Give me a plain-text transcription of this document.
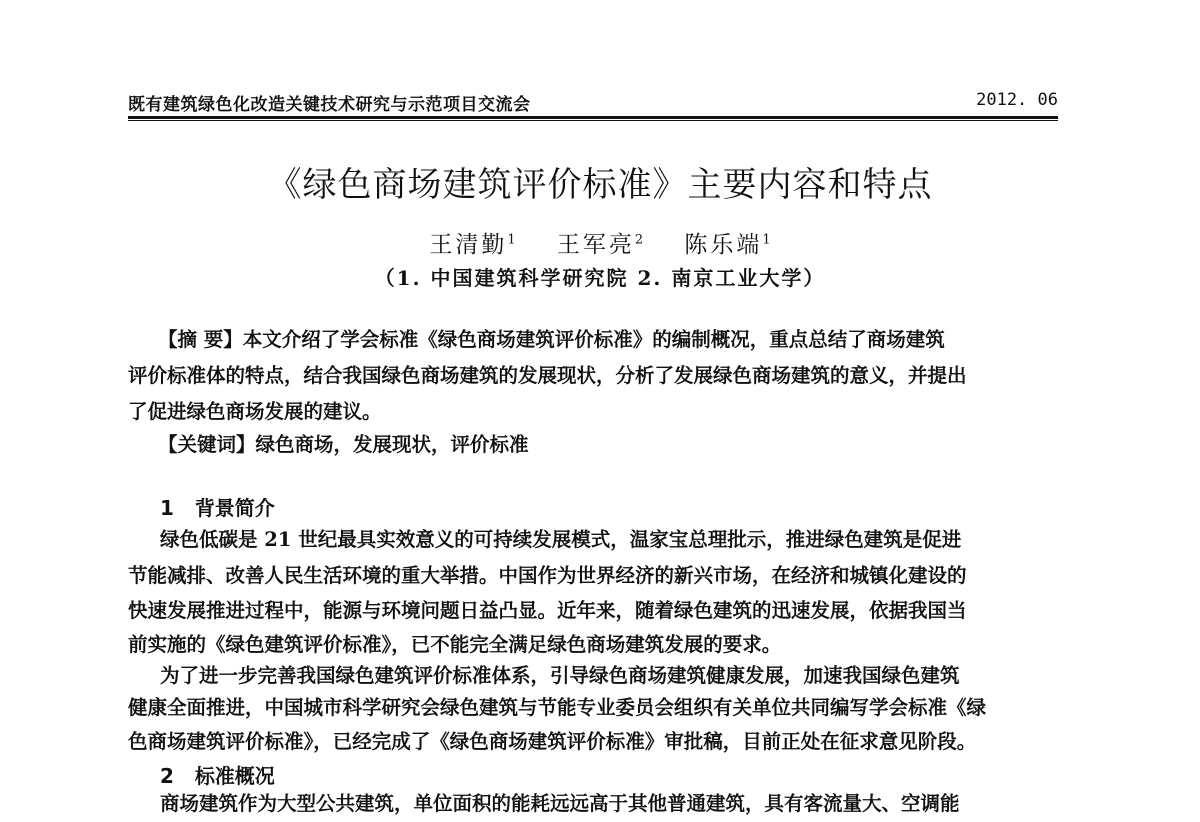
既有建筑绿色化改造关键技术研究与示范项目交流会	2012. 06
《绿色商场建筑评价标准》主要内容和特点
王清勤$^1$ 王军亮$^2$ 陈乐端$^1$
（1. 中国建筑科学研究院 2. 南京工业大学）
【摘 要】本文介绍了学会标准《绿色商场建筑评价标准》的编制概况，重点总结了商场建筑
评价标准体的特点，结合我国绿色商场建筑的发展现状，分析了发展绿色商场建筑的意义，并提出
了促进绿色商场发展的建议。
【关键词】绿色商场，发展现状，评价标准
1 背景简介
绿色低碳是 21 世纪最具实效意义的可持续发展模式，温家宝总理批示，推进绿色建筑是促进
节能减排、改善人民生活环境的重大举措。中国作为世界经济的新兴市场，在经济和城镇化建设的
快速发展推进过程中，能源与环境问题日益凸显。近年来，随着绿色建筑的迅速发展，依据我国当
前实施的《绿色建筑评价标准》，已不能完全满足绿色商场建筑发展的要求。
为了进一步完善我国绿色建筑评价标准体系，引导绿色商场建筑健康发展，加速我国绿色建筑
健康全面推进，中国城市科学研究会绿色建筑与节能专业委员会组织有关单位共同编写学会标准《绿
色商场建筑评价标准》，已经完成了《绿色商场建筑评价标准》审批稿，目前正处在征求意见阶段。
2 标准概况
商场建筑作为大型公共建筑，单位面积的能耗远远高于其他普通建筑，具有客流量大、空调能
